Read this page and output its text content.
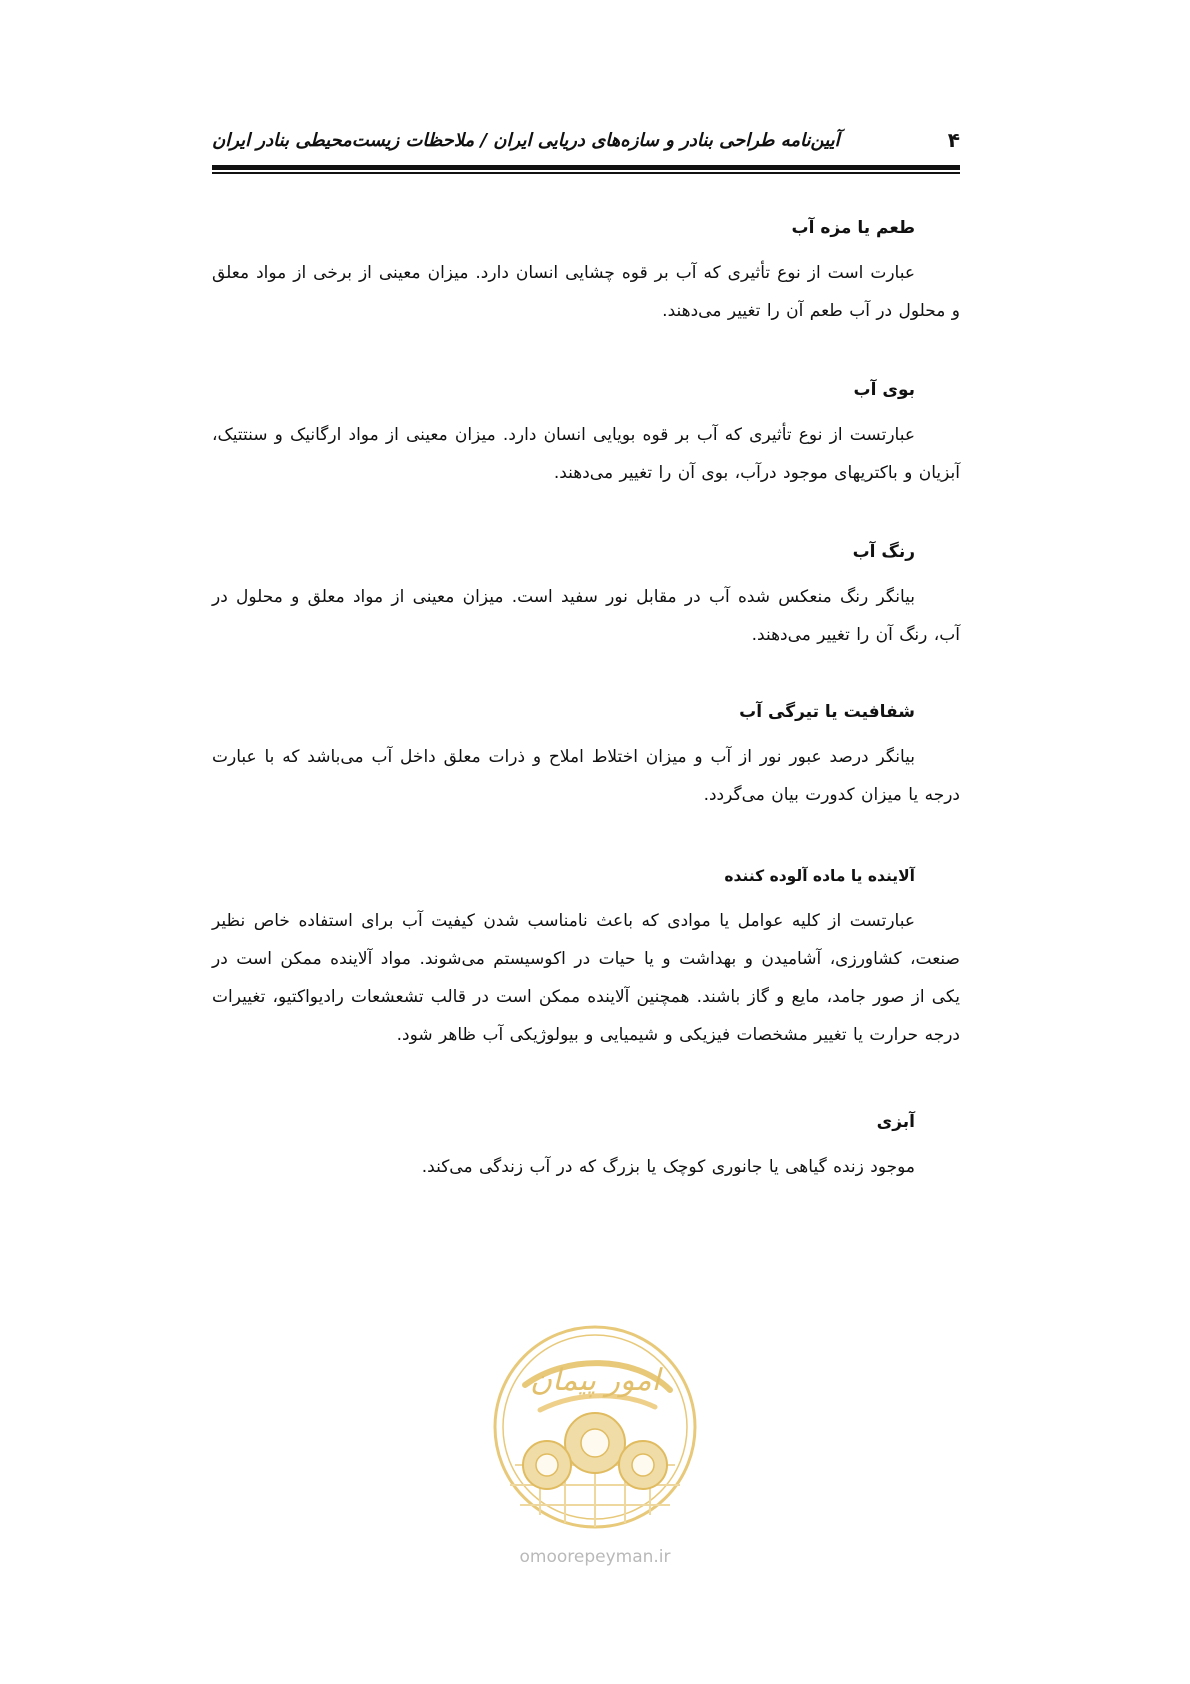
۴
آیین‌نامه طراحی بنادر و سازه‌های دریایی ایران / ملاحظات زیست‌محیطی بنادر ایران
طعم یا مزه آب

عبارت است از نوع تأثیری که آب بر قوه چشایی انسان دارد. میزان معینی از برخی از مواد معلق و محلول در آب طعم آن را تغییر می‌دهند.

بوی آب

عبارتست از نوع تأثیری که آب بر قوه بویایی انسان دارد. میزان معینی از مواد ارگانیک و سنتتیک، آبزیان و باکتریهای موجود درآب، بوی آن را تغییر می‌دهند.

رنگ آب

بیانگر رنگ منعکس شده آب در مقابل نور سفید است. میزان معینی از مواد معلق و محلول در آب، رنگ آن را تغییر می‌دهند.

شفافیت یا تیرگی آب

بیانگر درصد عبور نور از آب و میزان اختلاط املاح و ذرات معلق داخل آب می‌باشد که با عبارت درجه یا میزان کدورت بیان می‌گردد.

آلاینده یا ماده آلوده کننده

عبارتست از کلیه عوامل یا موادی که باعث نامناسب شدن کیفیت آب برای استفاده خاص نظیر صنعت، کشاورزی، آشامیدن و بهداشت و یا حیات در اکوسیستم می‌شوند. مواد آلاینده ممکن است در یکی از صور جامد، مایع و گاز باشند. همچنین آلاینده ممکن است در قالب تشعشعات رادیواکتیو، تغییرات درجه حرارت یا تغییر مشخصات فیزیکی و شیمیایی و بیولوژیکی آب ظاهر شود.

آبزی

موجود زنده گیاهی یا جانوری کوچک یا بزرگ که در آب زندگی می‌کند.

امور پیمان
omoorepeyman.ir
